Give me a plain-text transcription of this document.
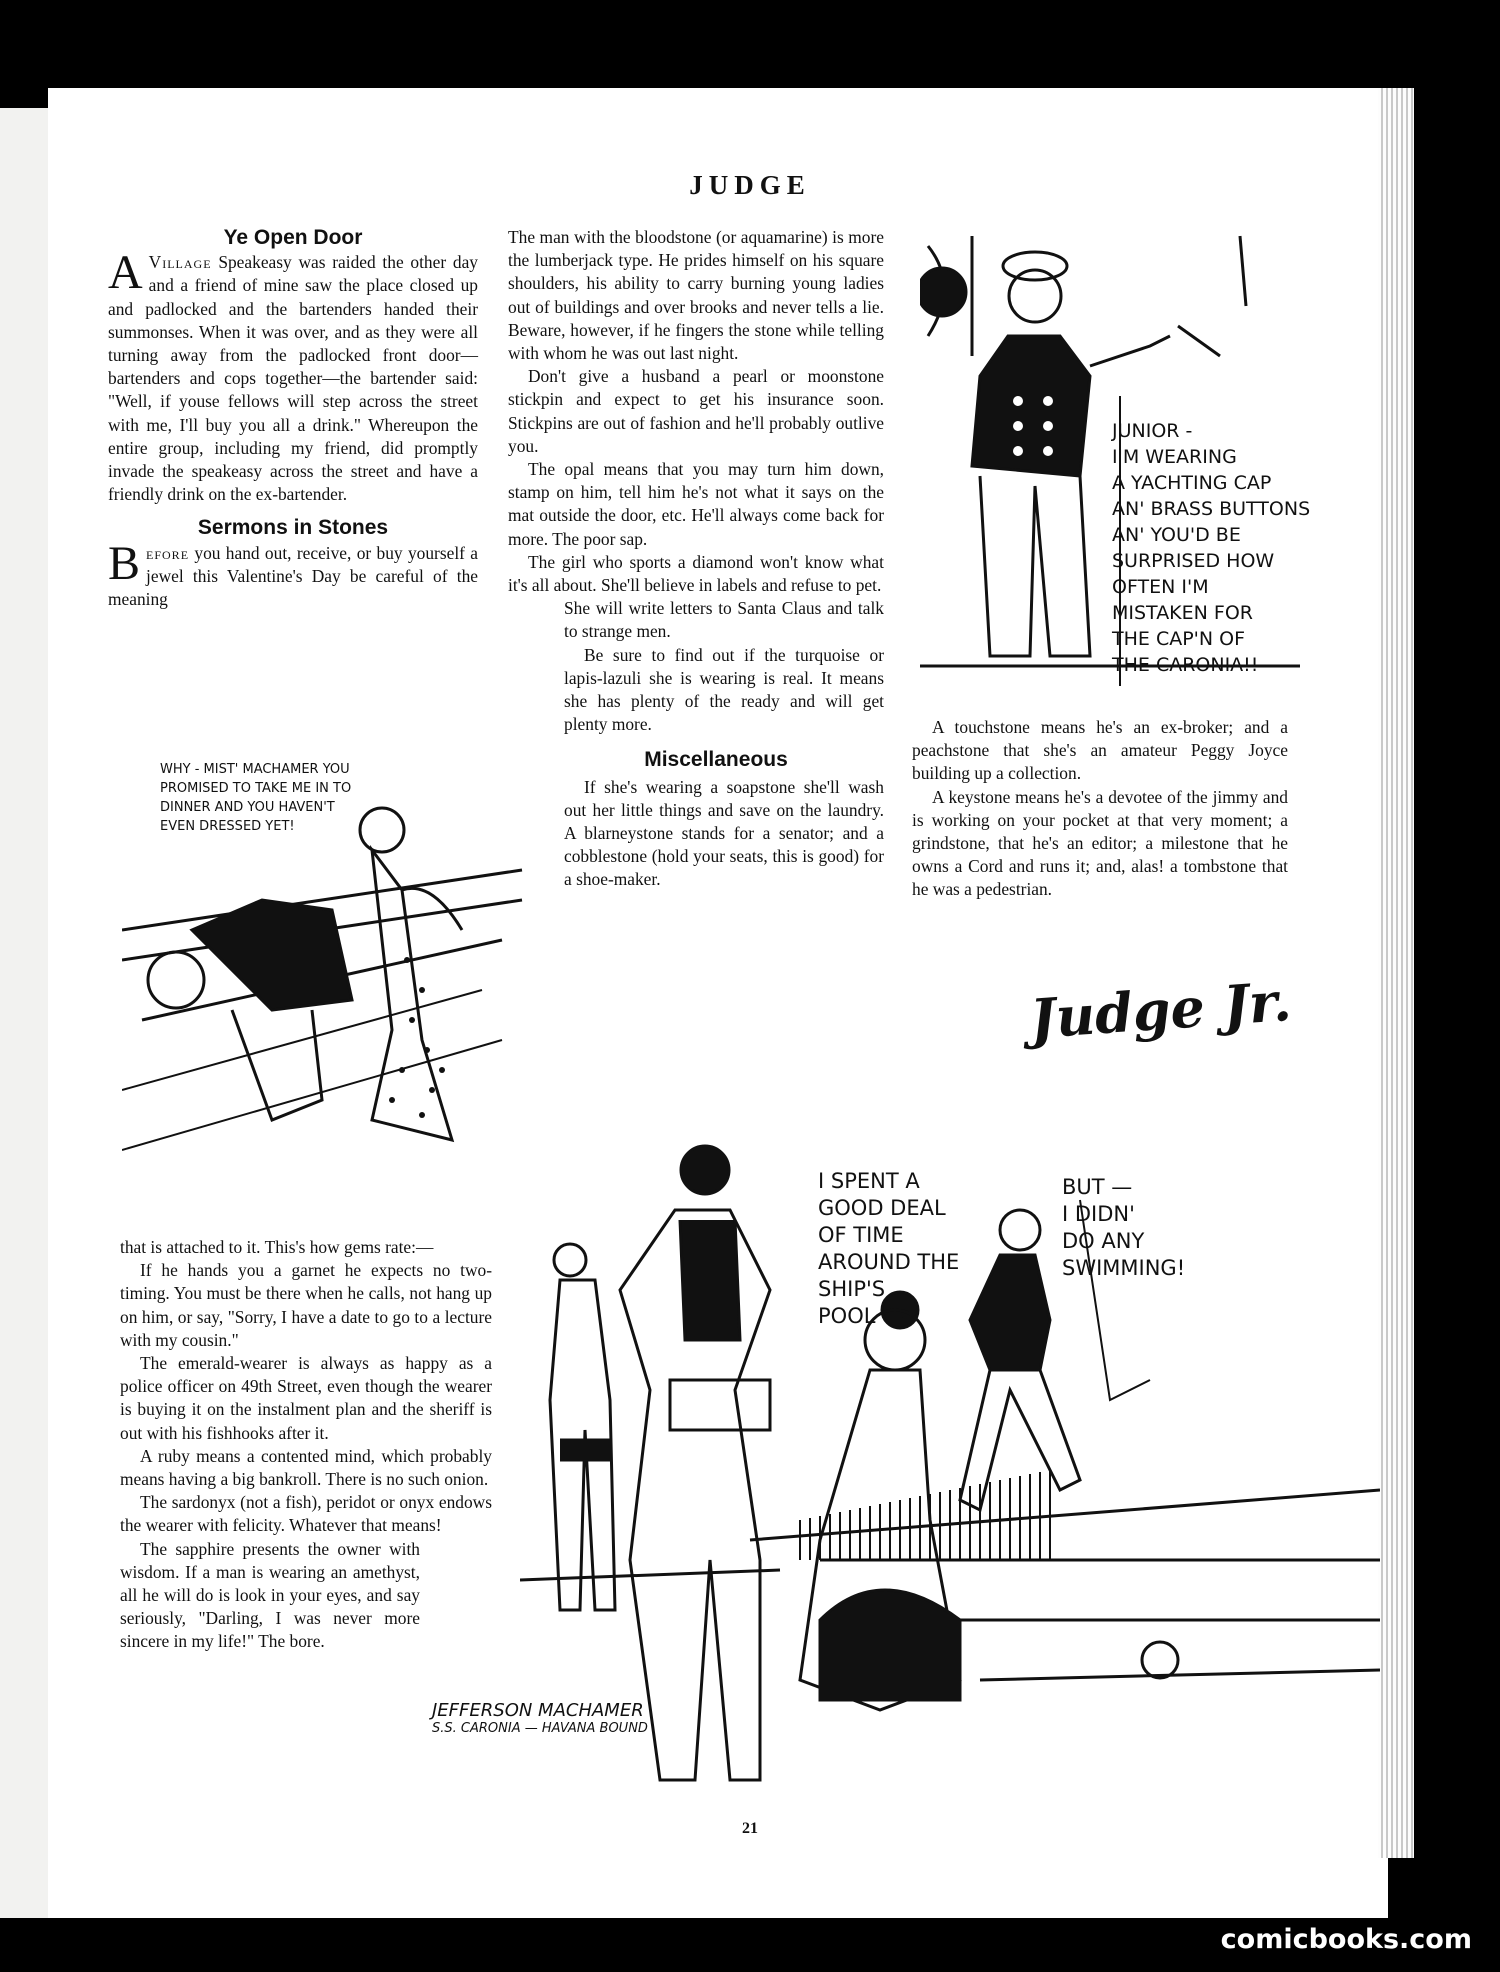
JUDGE
Ye Open Door

A Village Speakeasy was raided the other day and a friend of mine saw the place closed up and padlocked and the bartenders handed their summonses. When it was over, and as they were all turning away from the padlocked front door—bartenders and cops together—the bartender said: "Well, if youse fellows will step across the street with me, I'll buy you all a drink." Whereupon the entire group, including my friend, did promptly invade the speakeasy across the street and have a friendly drink on the ex-bartender.

Sermons in Stones

Before you hand out, receive, or buy yourself a jewel this Valentine's Day be careful of the meaning

The man with the bloodstone (or aquamarine) is more the lumberjack type. He prides himself on his square shoulders, his ability to carry burning young ladies out of buildings and over brooks and never tells a lie. Beware, however, if he fingers the stone while telling with whom he was out last night.

Don't give a husband a pearl or moonstone stickpin and expect to get his insurance soon. Stickpins are out of fashion and he'll probably outlive you.

The opal means that you may turn him down, stamp on him, tell him he's not what it says on the mat outside the door, etc. He'll always come back for more. The poor sap.

The girl who sports a diamond won't know what it's all about. She'll believe in labels and refuse to pet.

She will write letters to Santa Claus and talk to strange men.

Be sure to find out if the turquoise or lapis-lazuli she is wearing is real. It means she has plenty of the ready and will get plenty more.

Miscellaneous

If she's wearing a soapstone she'll wash out her little things and save on the laundry. A blarneystone stands for a senator; and a cobblestone (hold your seats, this is good) for a shoe-maker.

A touchstone means he's an ex-broker; and a peachstone that she's an amateur Peggy Joyce building up a collection.

A keystone means he's a devotee of the jimmy and is working on your pocket at that very moment; a grindstone, that he's an editor; a milestone that he owns a Cord and runs it; and, alas! a tombstone that he was a pedestrian.

Judge Jr.

that is attached to it. This's how gems rate:—

If he hands you a garnet he expects no two-timing. You must be there when he calls, not hang up on him, or say, "Sorry, I have a date to go to a lecture with my cousin."

The emerald-wearer is always as happy as a police officer on 49th Street, even though the wearer is buying it on the instalment plan and the sheriff is out with his fishhooks after it.

A ruby means a contented mind, which probably means having a big bankroll. There is no such onion.

The sardonyx (not a fish), peridot or onyx endows the wearer with felicity. Whatever that means!

The sapphire presents the owner with wisdom. If a man is wearing an amethyst, all he will do is look in your eyes, and say seriously, "Darling, I was never more sincere in my life!" The bore.

JUNIOR -
I'M WEARING
A YACHTING CAP
AN' BRASS BUTTONS
AN' YOU'D BE
SURPRISED HOW
OFTEN I'M
MISTAKEN FOR
THE CAP'N OF
THE CARONIA!! -
WHY - MIST' MACHAMER YOU
PROMISED TO TAKE ME IN TO
DINNER AND YOU HAVEN'T
EVEN DRESSED YET!
I SPENT A
GOOD DEAL
OF TIME
AROUND THE
SHIP'S
POOL —
BUT —
I DIDN'
DO ANY
SWIMMING!
JEFFERSON MACHAMER
S.S. CARONIA — HAVANA BOUND
21
comicbooks.com
